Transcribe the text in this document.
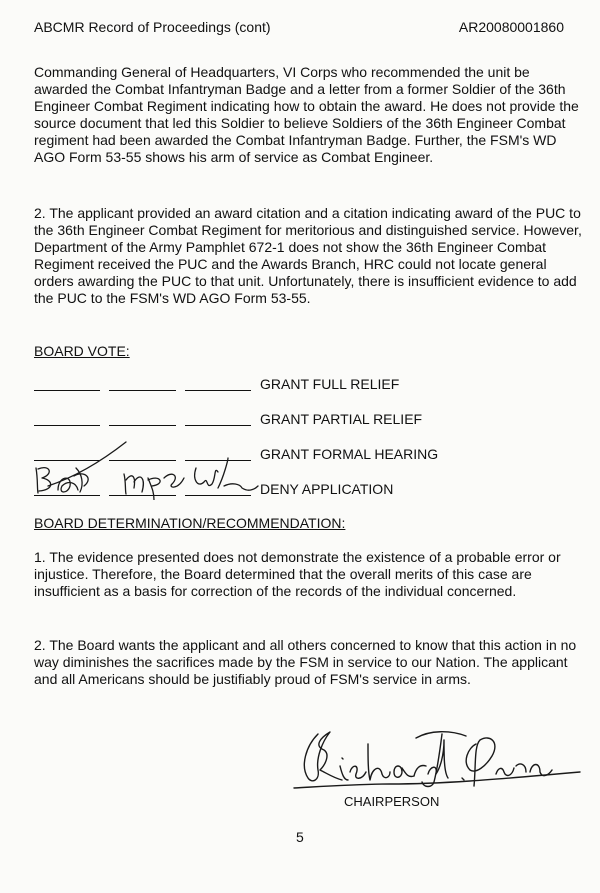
ABCMR Record of Proceedings (cont)	AR20080001860

Commanding General of Headquarters, VI Corps who recommended the unit be awarded the Combat Infantryman Badge and a letter from a former Soldier of the 36th Engineer Combat Regiment indicating how to obtain the award. He does not provide the source document that led this Soldier to believe Soldiers of the 36th Engineer Combat regiment had been awarded the Combat Infantryman Badge. Further, the FSM's WD AGO Form 53-55 shows his arm of service as Combat Engineer.

2. The applicant provided an award citation and a citation indicating award of the PUC to the 36th Engineer Combat Regiment for meritorious and distinguished service. However, Department of the Army Pamphlet 672-1 does not show the 36th Engineer Combat Regiment received the PUC and the Awards Branch, HRC could not locate general orders awarding the PUC to that unit. Unfortunately, there is insufficient evidence to add the PUC to the FSM's WD AGO Form 53-55.

BOARD VOTE:
GRANT FULL RELIEF
GRANT PARTIAL RELIEF
GRANT FORMAL HEARING
DENY APPLICATION
BOARD DETERMINATION/RECOMMENDATION:

1. The evidence presented does not demonstrate the existence of a probable error or injustice. Therefore, the Board determined that the overall merits of this case are insufficient as a basis for correction of the records of the individual concerned.

2. The Board wants the applicant and all others concerned to know that this action in no way diminishes the sacrifices made by the FSM in service to our Nation. The applicant and all Americans should be justifiably proud of FSM's service in arms.

CHAIRPERSON
5
